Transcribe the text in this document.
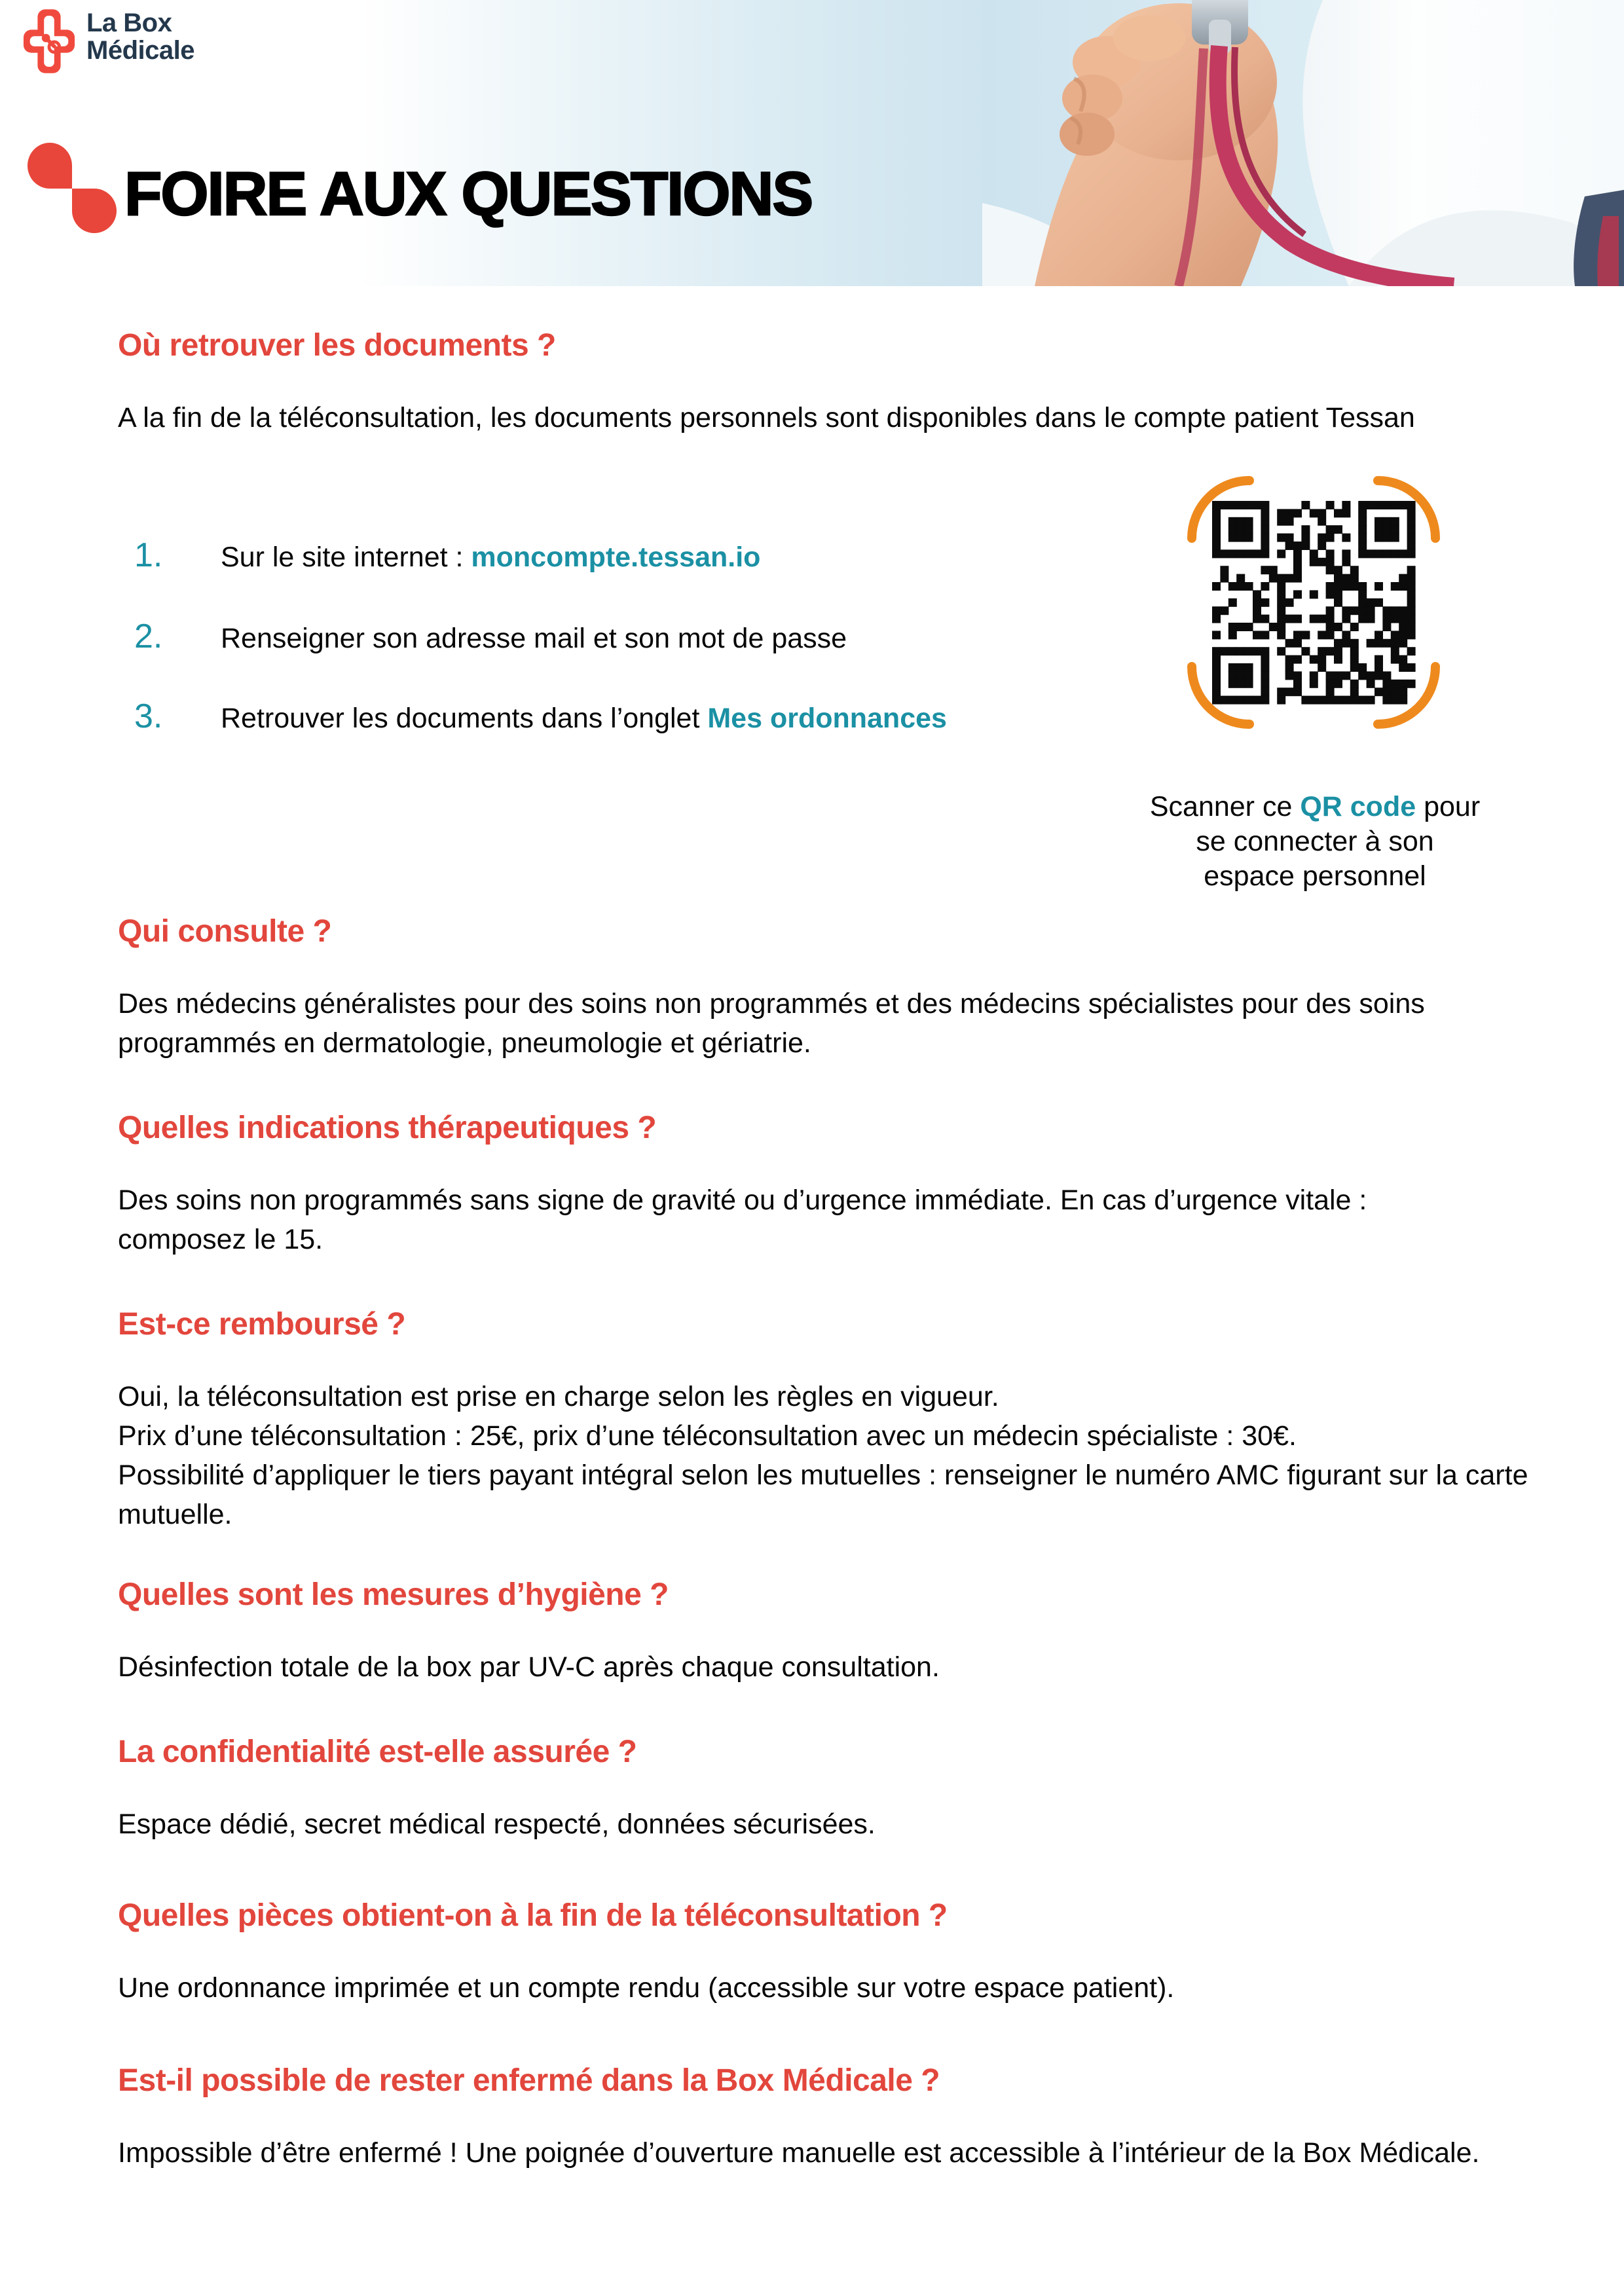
La Box
Médicale
FOIRE AUX QUESTIONS
Où retrouver les documents ?
A la fin de la téléconsultation, les documents personnels sont disponibles dans le compte patient Tessan
1.	Sur le site internet : moncompte.tessan.io
2.	Renseigner son adresse mail et son mot de passe
3.	Retrouver les documents dans l’onglet Mes ordonnances
Scanner ce QR code pour
se connecter à son
espace personnel
Qui consulte ?
Des médecins généralistes pour des soins non programmés et des médecins spécialistes pour des soins programmés en dermatologie, pneumologie et gériatrie.
Quelles indications thérapeutiques ?
Des soins non programmés sans signe de gravité ou d’urgence immédiate. En cas d’urgence vitale : composez le 15.
Est-ce remboursé ?
Oui, la téléconsultation est prise en charge selon les règles en vigueur.
Prix d’une téléconsultation : 25€, prix d’une téléconsultation avec un médecin spécialiste : 30€.
Possibilité d’appliquer le tiers payant intégral selon les mutuelles : renseigner le numéro AMC figurant sur la carte mutuelle.
Quelles sont les mesures d’hygiène ?
Désinfection totale de la box par UV-C après chaque consultation.
La confidentialité est-elle assurée ?
Espace dédié, secret médical respecté, données sécurisées.
Quelles pièces obtient-on à la fin de la téléconsultation ?
Une ordonnance imprimée et un compte rendu (accessible sur votre espace patient).
Est-il possible de rester enfermé dans la Box Médicale ?
Impossible d’être enfermé ! Une poignée d’ouverture manuelle est accessible à l’intérieur de la Box Médicale.
